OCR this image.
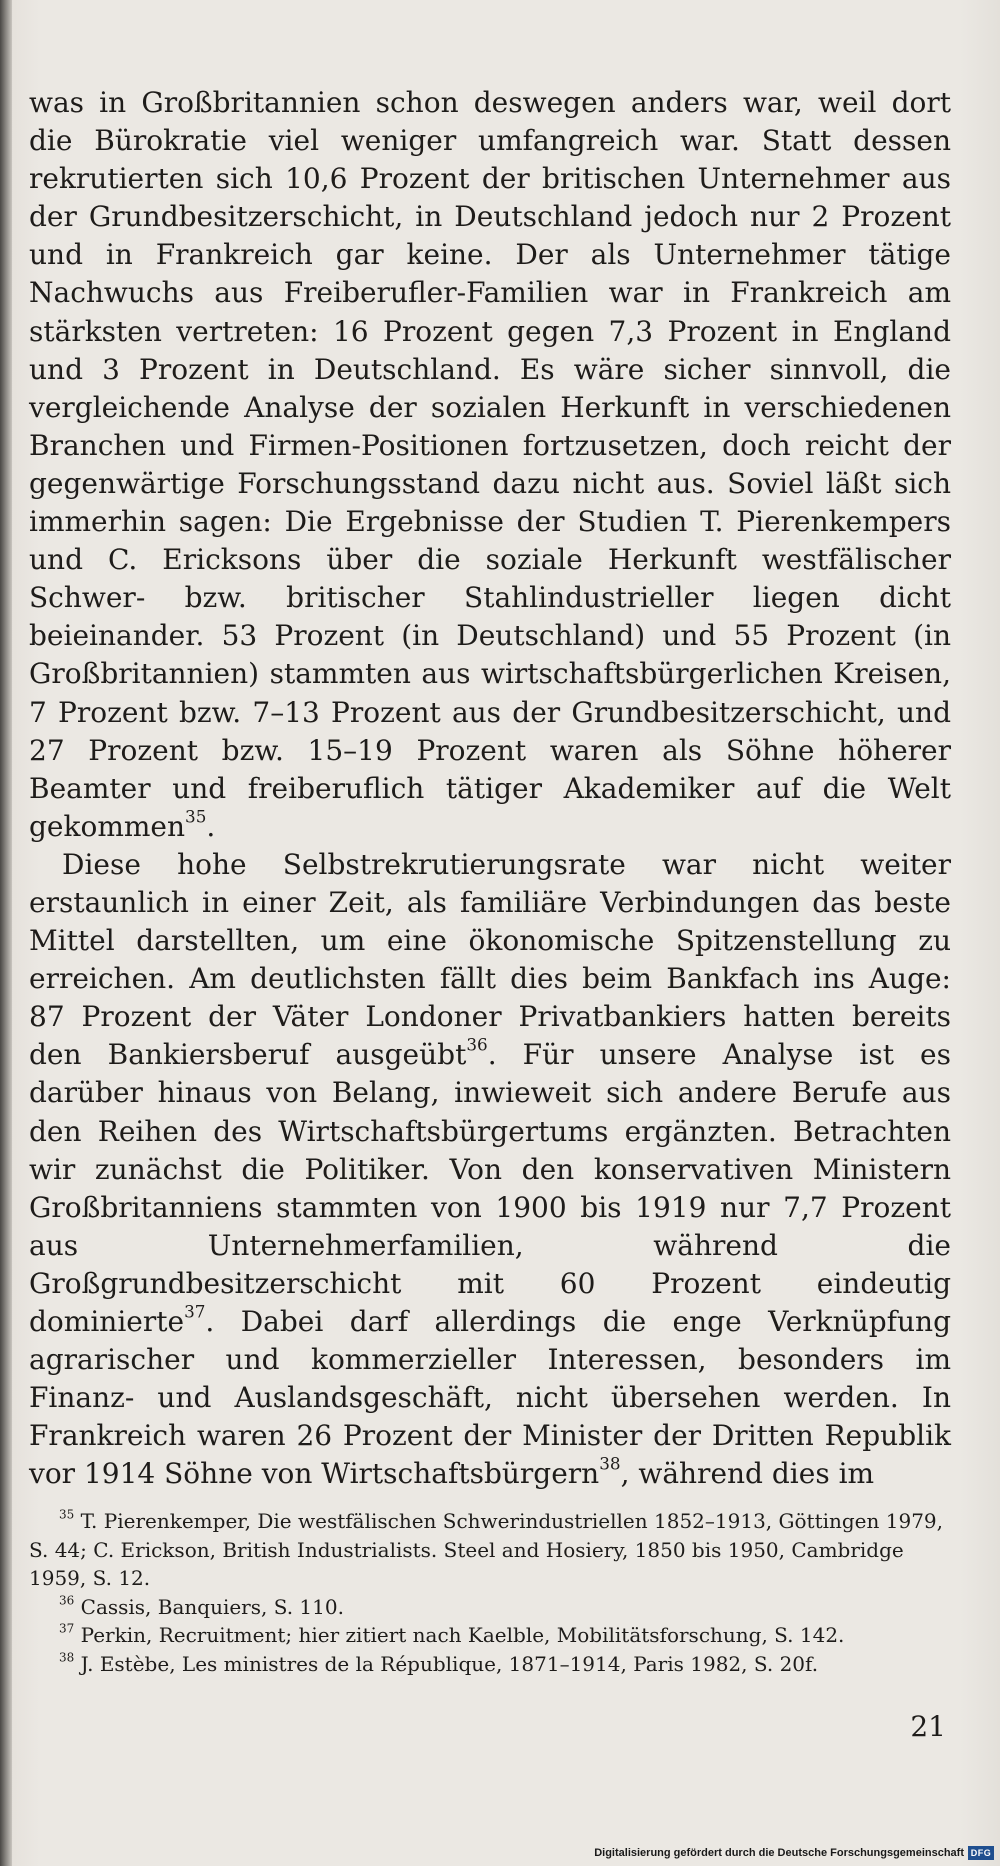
was in Großbritannien schon deswegen anders war, weil dort die Bürokratie viel weniger umfangreich war. Statt dessen rekrutierten sich 10,6 Prozent der britischen Unternehmer aus der Grundbesitzerschicht, in Deutschland jedoch nur 2 Prozent und in Frankreich gar keine. Der als Unternehmer tätige Nachwuchs aus Freiberufler-Familien war in Frankreich am stärksten vertreten: 16 Prozent gegen 7,3 Prozent in England und 3 Prozent in Deutschland. Es wäre sicher sinnvoll, die vergleichende Analyse der sozialen Herkunft in verschiedenen Branchen und Firmen-Positionen fortzusetzen, doch reicht der gegenwärtige Forschungsstand dazu nicht aus. Soviel läßt sich immerhin sagen: Die Ergebnisse der Studien T. Pierenkempers und C. Ericksons über die soziale Herkunft westfälischer Schwer- bzw. britischer Stahlindustrieller liegen dicht beieinander. 53 Prozent (in Deutschland) und 55 Prozent (in Großbritannien) stammten aus wirtschaftsbürgerlichen Kreisen, 7 Prozent bzw. 7–13 Prozent aus der Grundbesitzerschicht, und 27 Prozent bzw. 15–19 Prozent waren als Söhne höherer Beamter und freiberuflich tätiger Akademiker auf die Welt gekommen$^{35}$.

Diese hohe Selbstrekrutierungsrate war nicht weiter erstaunlich in einer Zeit, als familiäre Verbindungen das beste Mittel darstellten, um eine ökonomische Spitzenstellung zu erreichen. Am deutlichsten fällt dies beim Bankfach ins Auge: 87 Prozent der Väter Londoner Privatbankiers hatten bereits den Bankiersberuf ausgeübt$^{36}$. Für unsere Analyse ist es darüber hinaus von Belang, inwieweit sich andere Berufe aus den Reihen des Wirtschaftsbürgertums ergänzten. Betrachten wir zunächst die Politiker. Von den konservativen Ministern Großbritanniens stammten von 1900 bis 1919 nur 7,7 Prozent aus Unternehmerfamilien, während die Großgrundbesitzerschicht mit 60 Prozent eindeutig dominierte$^{37}$. Dabei darf allerdings die enge Verknüpfung agrarischer und kommerzieller Interessen, besonders im Finanz- und Auslandsgeschäft, nicht übersehen werden. In Frankreich waren 26 Prozent der Minister der Dritten Republik vor 1914 Söhne von Wirtschaftsbürgern$^{38}$, während dies im

$^{35}$ T. Pierenkemper, Die westfälischen Schwerindustriellen 1852–1913, Göttingen 1979, S. 44; C. Erickson, British Industrialists. Steel and Hosiery, 1850 bis 1950, Cambridge 1959, S. 12.

$^{36}$ Cassis, Banquiers, S. 110.

$^{37}$ Perkin, Recruitment; hier zitiert nach Kaelble, Mobilitätsforschung, S. 142.

$^{38}$ J. Estèbe, Les ministres de la République, 1871–1914, Paris 1982, S. 20f.

21
Digitalisierung gefördert durch die Deutsche Forschungsgemeinschaft DFG
